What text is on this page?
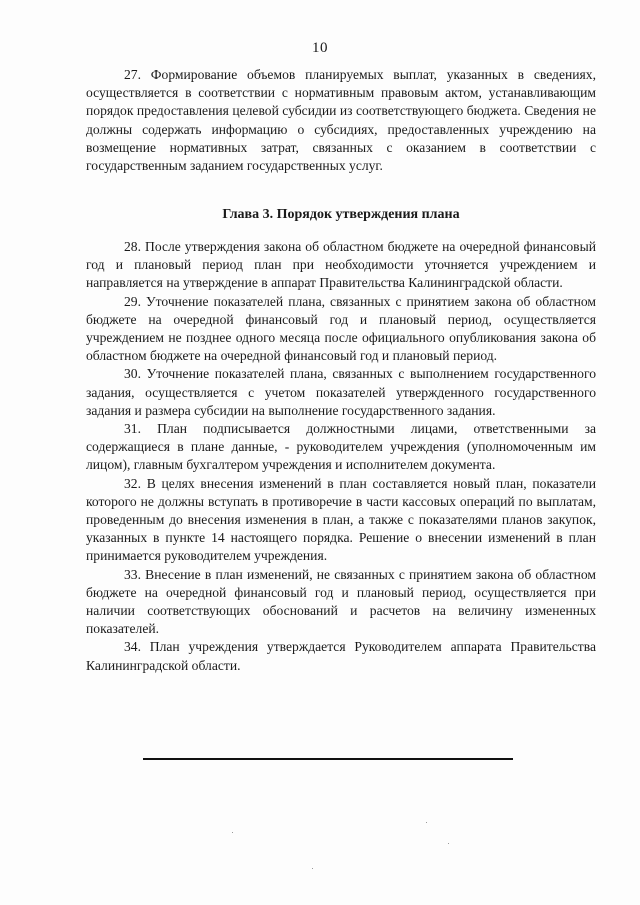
10

27. Формирование объемов планируемых выплат, указанных в сведениях, осуществляется в соответствии с нормативным правовым актом, устанавливающим порядок предоставления целевой субсидии из соответствующего бюджета. Сведения не должны содержать информацию о субсидиях, предоставленных учреждению на возмещение нормативных затрат, связанных с оказанием в соответствии с государственным заданием государственных услуг.

Глава 3. Порядок утверждения плана

28. После утверждения закона об областном бюджете на очередной финансовый год и плановый период план при необходимости уточняется учреждением и направляется на утверждение в аппарат Правительства Калининградской области.

29. Уточнение показателей плана, связанных с принятием закона об областном бюджете на очередной финансовый год и плановый период, осуществляется учреждением не позднее одного месяца после официального опубликования закона об областном бюджете на очередной финансовый год и плановый период.

30. Уточнение показателей плана, связанных с выполнением государственного задания, осуществляется с учетом показателей утвержденного государственного задания и размера субсидии на выполнение государственного задания.

31. План подписывается должностными лицами, ответственными за содержащиеся в плане данные, - руководителем учреждения (уполномоченным им лицом), главным бухгалтером учреждения и исполнителем документа.

32. В целях внесения изменений в план составляется новый план, показатели которого не должны вступать в противоречие в части кассовых операций по выплатам, проведенным до внесения изменения в план, а также с показателями планов закупок, указанных в пункте 14 настоящего порядка. Решение о внесении изменений в план принимается руководителем учреждения.

33. Внесение в план изменений, не связанных с принятием закона об областном бюджете на очередной финансовый год и плановый период, осуществляется при наличии соответствующих обоснований и расчетов на величину измененных показателей.

34. План учреждения утверждается Руководителем аппарата Правительства Калининградской области.
